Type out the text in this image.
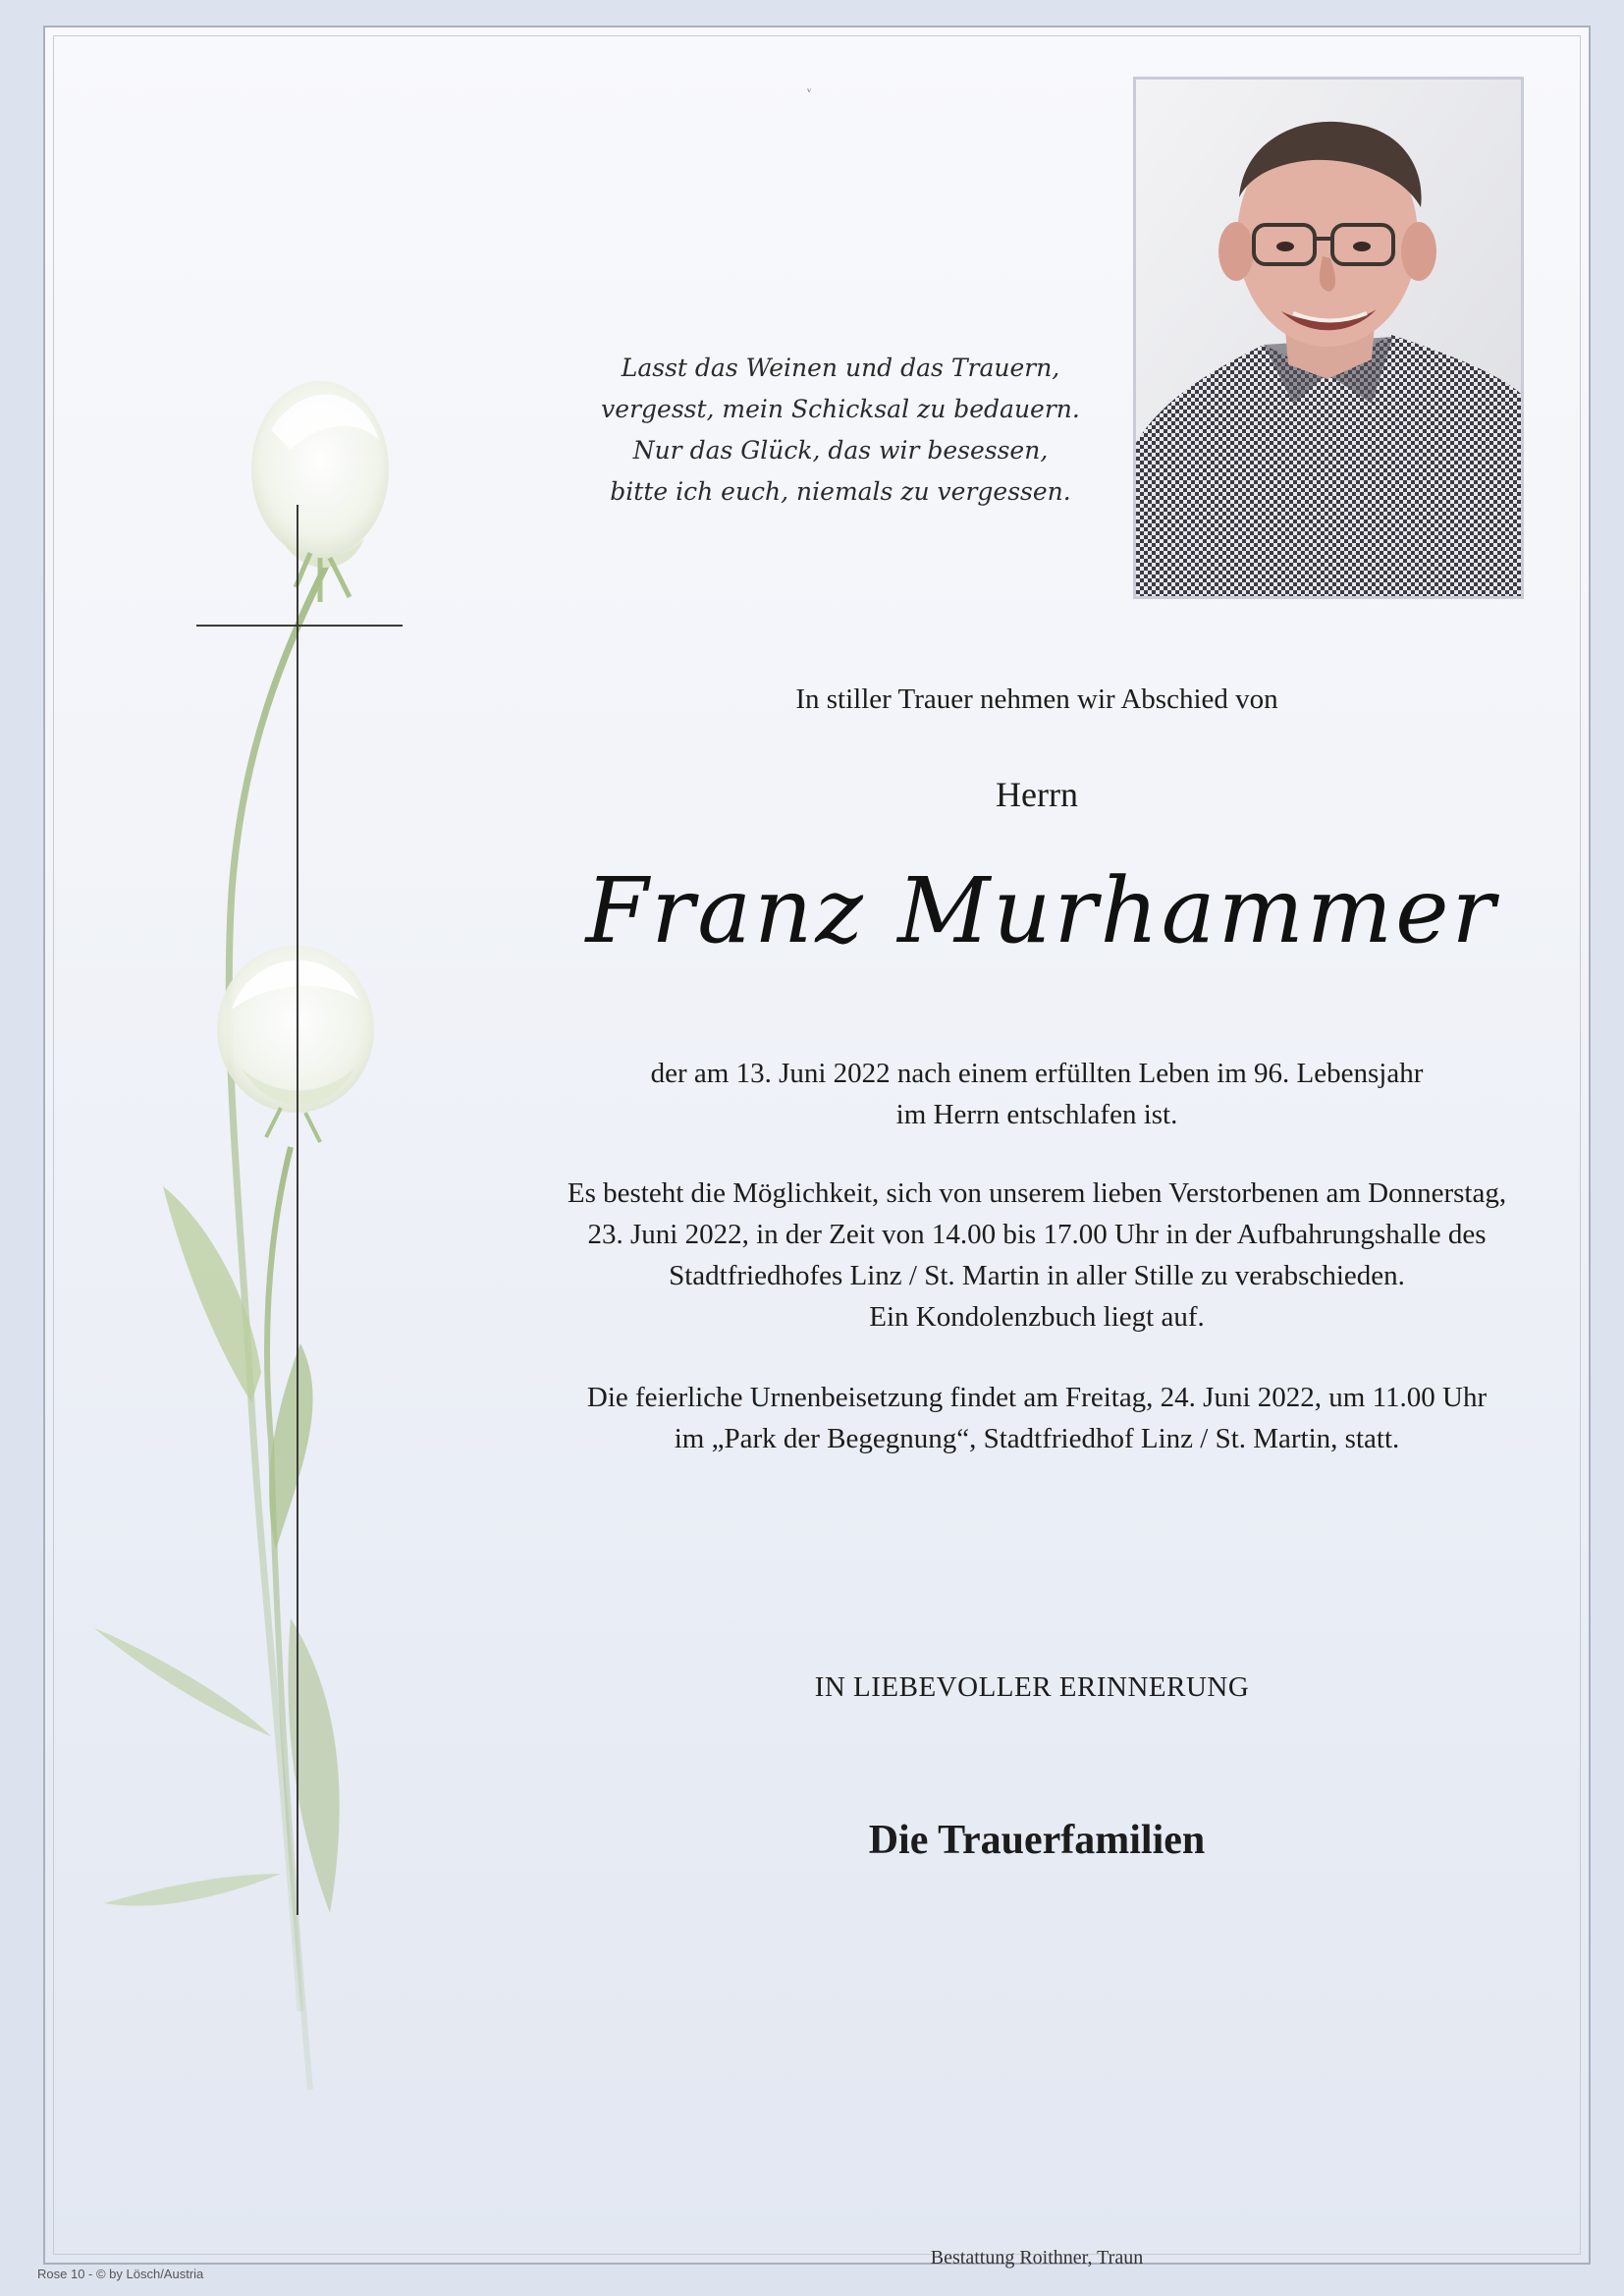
ᵥ
Lasst das Weinen und das Trauern,
vergesst, mein Schicksal zu bedauern.
Nur das Glück, das wir besessen,
bitte ich euch, niemals zu vergessen.
In stiller Trauer nehmen wir Abschied von
Herrn
Franz Murhammer
der am 13. Juni 2022 nach einem erfüllten Leben im 96. Lebensjahr
im Herrn entschlafen ist.
Es besteht die Möglichkeit, sich von unserem lieben Verstorbenen am Donnerstag,
23. Juni 2022, in der Zeit von 14.00 bis 17.00 Uhr in der Aufbahrungshalle des
Stadtfriedhofes Linz / St. Martin in aller Stille zu verabschieden.
Ein Kondolenzbuch liegt auf.
Die feierliche Urnenbeisetzung findet am Freitag, 24. Juni 2022, um 11.00 Uhr
im „Park der Begegnung“, Stadtfriedhof Linz / St. Martin, statt.
IN LIEBEVOLLER ERINNERUNG
Die Trauerfamilien
Bestattung Roithner, Traun
Rose 10 - © by Lösch/Austria
